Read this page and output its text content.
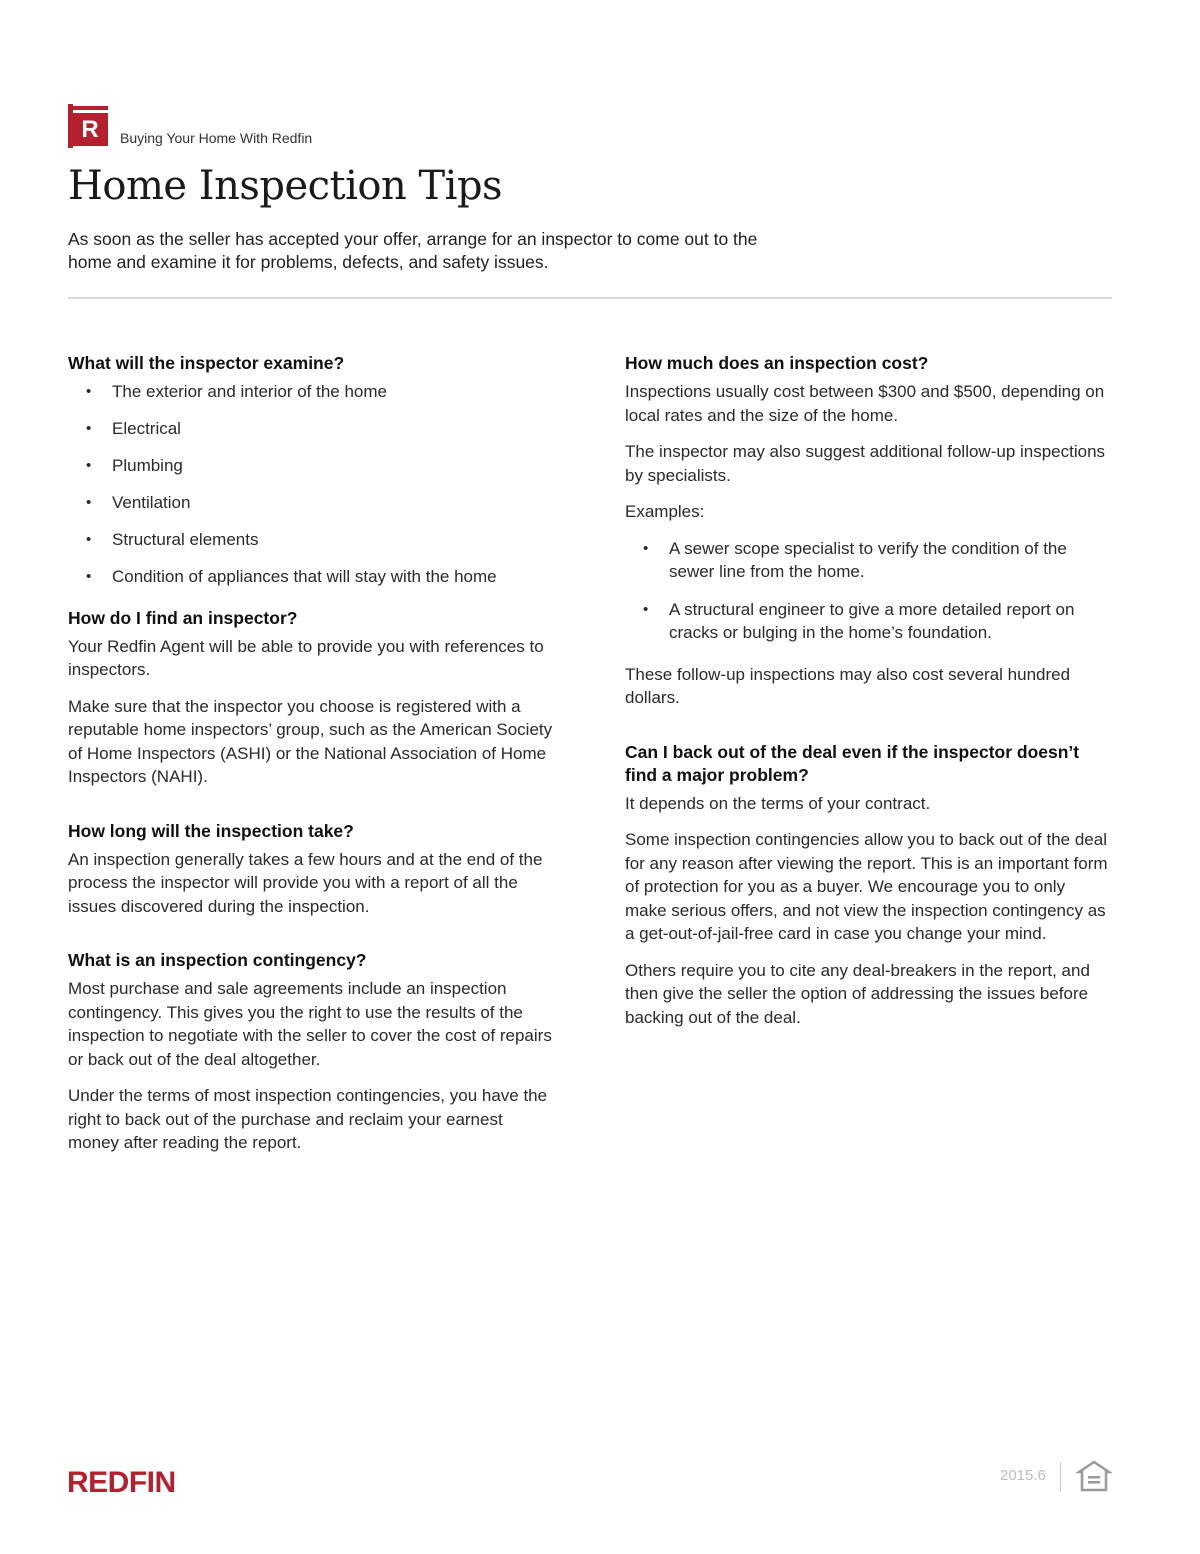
R	Buying Your Home With Redfin
Home Inspection Tips

As soon as the seller has accepted your offer, arrange for an inspector to come out to the home and examine it for problems, defects, and safety issues.

What will the inspector examine?
• The exterior and interior of the home
• Electrical
• Plumbing
• Ventilation
• Structural elements
• Condition of appliances that will stay with the home
How do I find an inspector?

Your Redfin Agent will be able to provide you with references to inspectors.

Make sure that the inspector you choose is registered with a reputable home inspectors’ group, such as the American Society of Home Inspectors (ASHI) or the National Association of Home Inspectors (NAHI).

How long will the inspection take?

An inspection generally takes a few hours and at the end of the process the inspector will provide you with a report of all the issues discovered during the inspection.

What is an inspection contingency?

Most purchase and sale agreements include an inspection contingency. This gives you the right to use the results of the inspection to negotiate with the seller to cover the cost of repairs or back out of the deal altogether.

Under the terms of most inspection contingencies, you have the right to back out of the purchase and reclaim your earnest money after reading the report.

How much does an inspection cost?

Inspections usually cost between $300 and $500, depending on local rates and the size of the home.

The inspector may also suggest additional follow-up inspections by specialists.

Examples:

• A sewer scope specialist to verify the condition of the sewer line from the home.
• A structural engineer to give a more detailed report on cracks or bulging in the home’s foundation.

These follow-up inspections may also cost several hundred dollars.

Can I back out of the deal even if the inspector doesn’t find a major problem?

It depends on the terms of your contract.

Some inspection contingencies allow you to back out of the deal for any reason after viewing the report. This is an important form of protection for you as a buyer. We encourage you to only make serious offers, and not view the inspection contingency as a get-out-of-jail-free card in case you change your mind.

Others require you to cite any deal-breakers in the report, and then give the seller the option of addressing the issues before backing out of the deal.

REDFIN	2015.6
